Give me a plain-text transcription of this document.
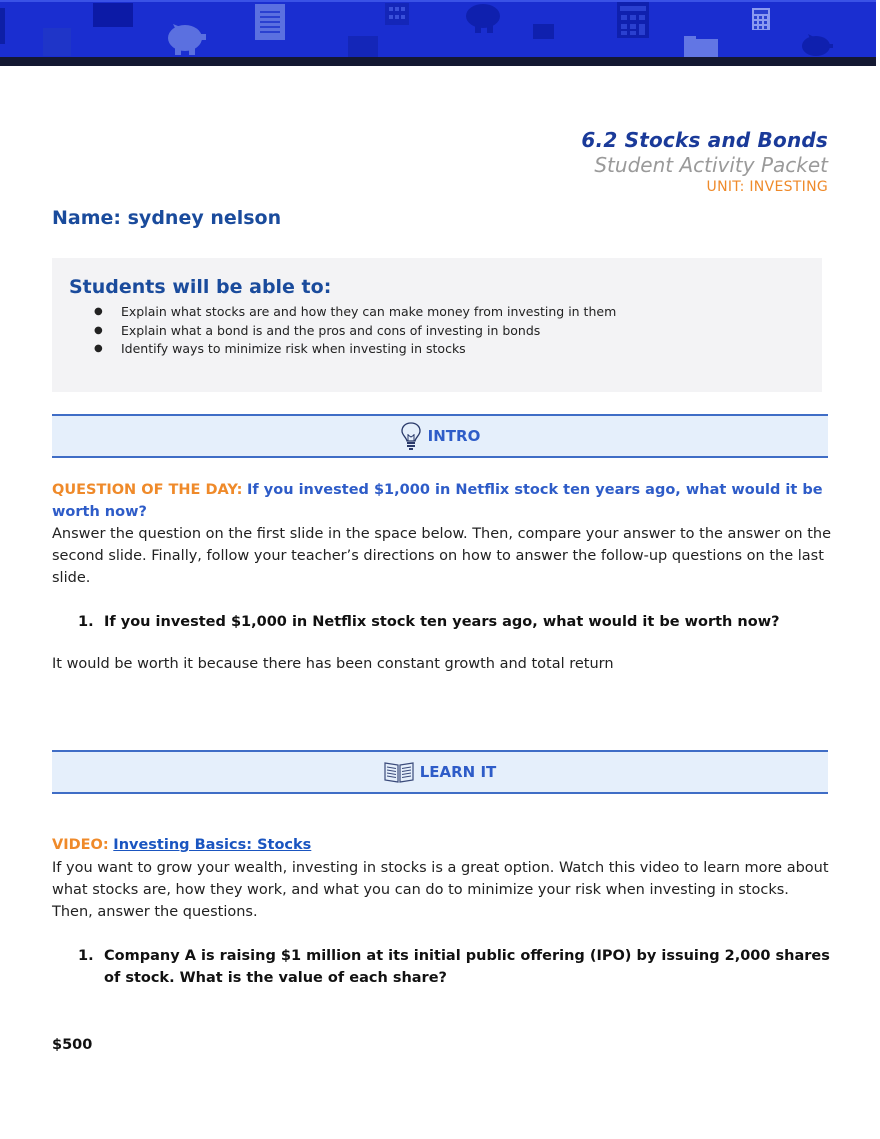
6.2 Stocks and Bonds
Student Activity Packet
UNIT: INVESTING
Name: sydney nelson
Students will be able to:
● Explain what stocks are and how they can make money from investing in them
● Explain what a bond is and the pros and cons of investing in bonds
● Identify ways to minimize risk when investing in stocks
INTRO
QUESTION OF THE DAY: If you invested $1,000 in Netflix stock ten years ago, what would it be worth now?
Answer the question on the first slide in the space below. Then, compare your answer to the answer on the second slide. Finally, follow your teacher’s directions on how to answer the follow-up questions on the last slide.
1. If you invested $1,000 in Netflix stock ten years ago, what would it be worth now?
It would be worth it because there has been constant growth and total return
LEARN IT
VIDEO: Investing Basics: Stocks
If you want to grow your wealth, investing in stocks is a great option. Watch this video to learn more about what stocks are, how they work, and what you can do to minimize your risk when investing in stocks. Then, answer the questions.
1. Company A is raising $1 million at its initial public offering (IPO) by issuing 2,000 shares of stock. What is the value of each share?
$500
